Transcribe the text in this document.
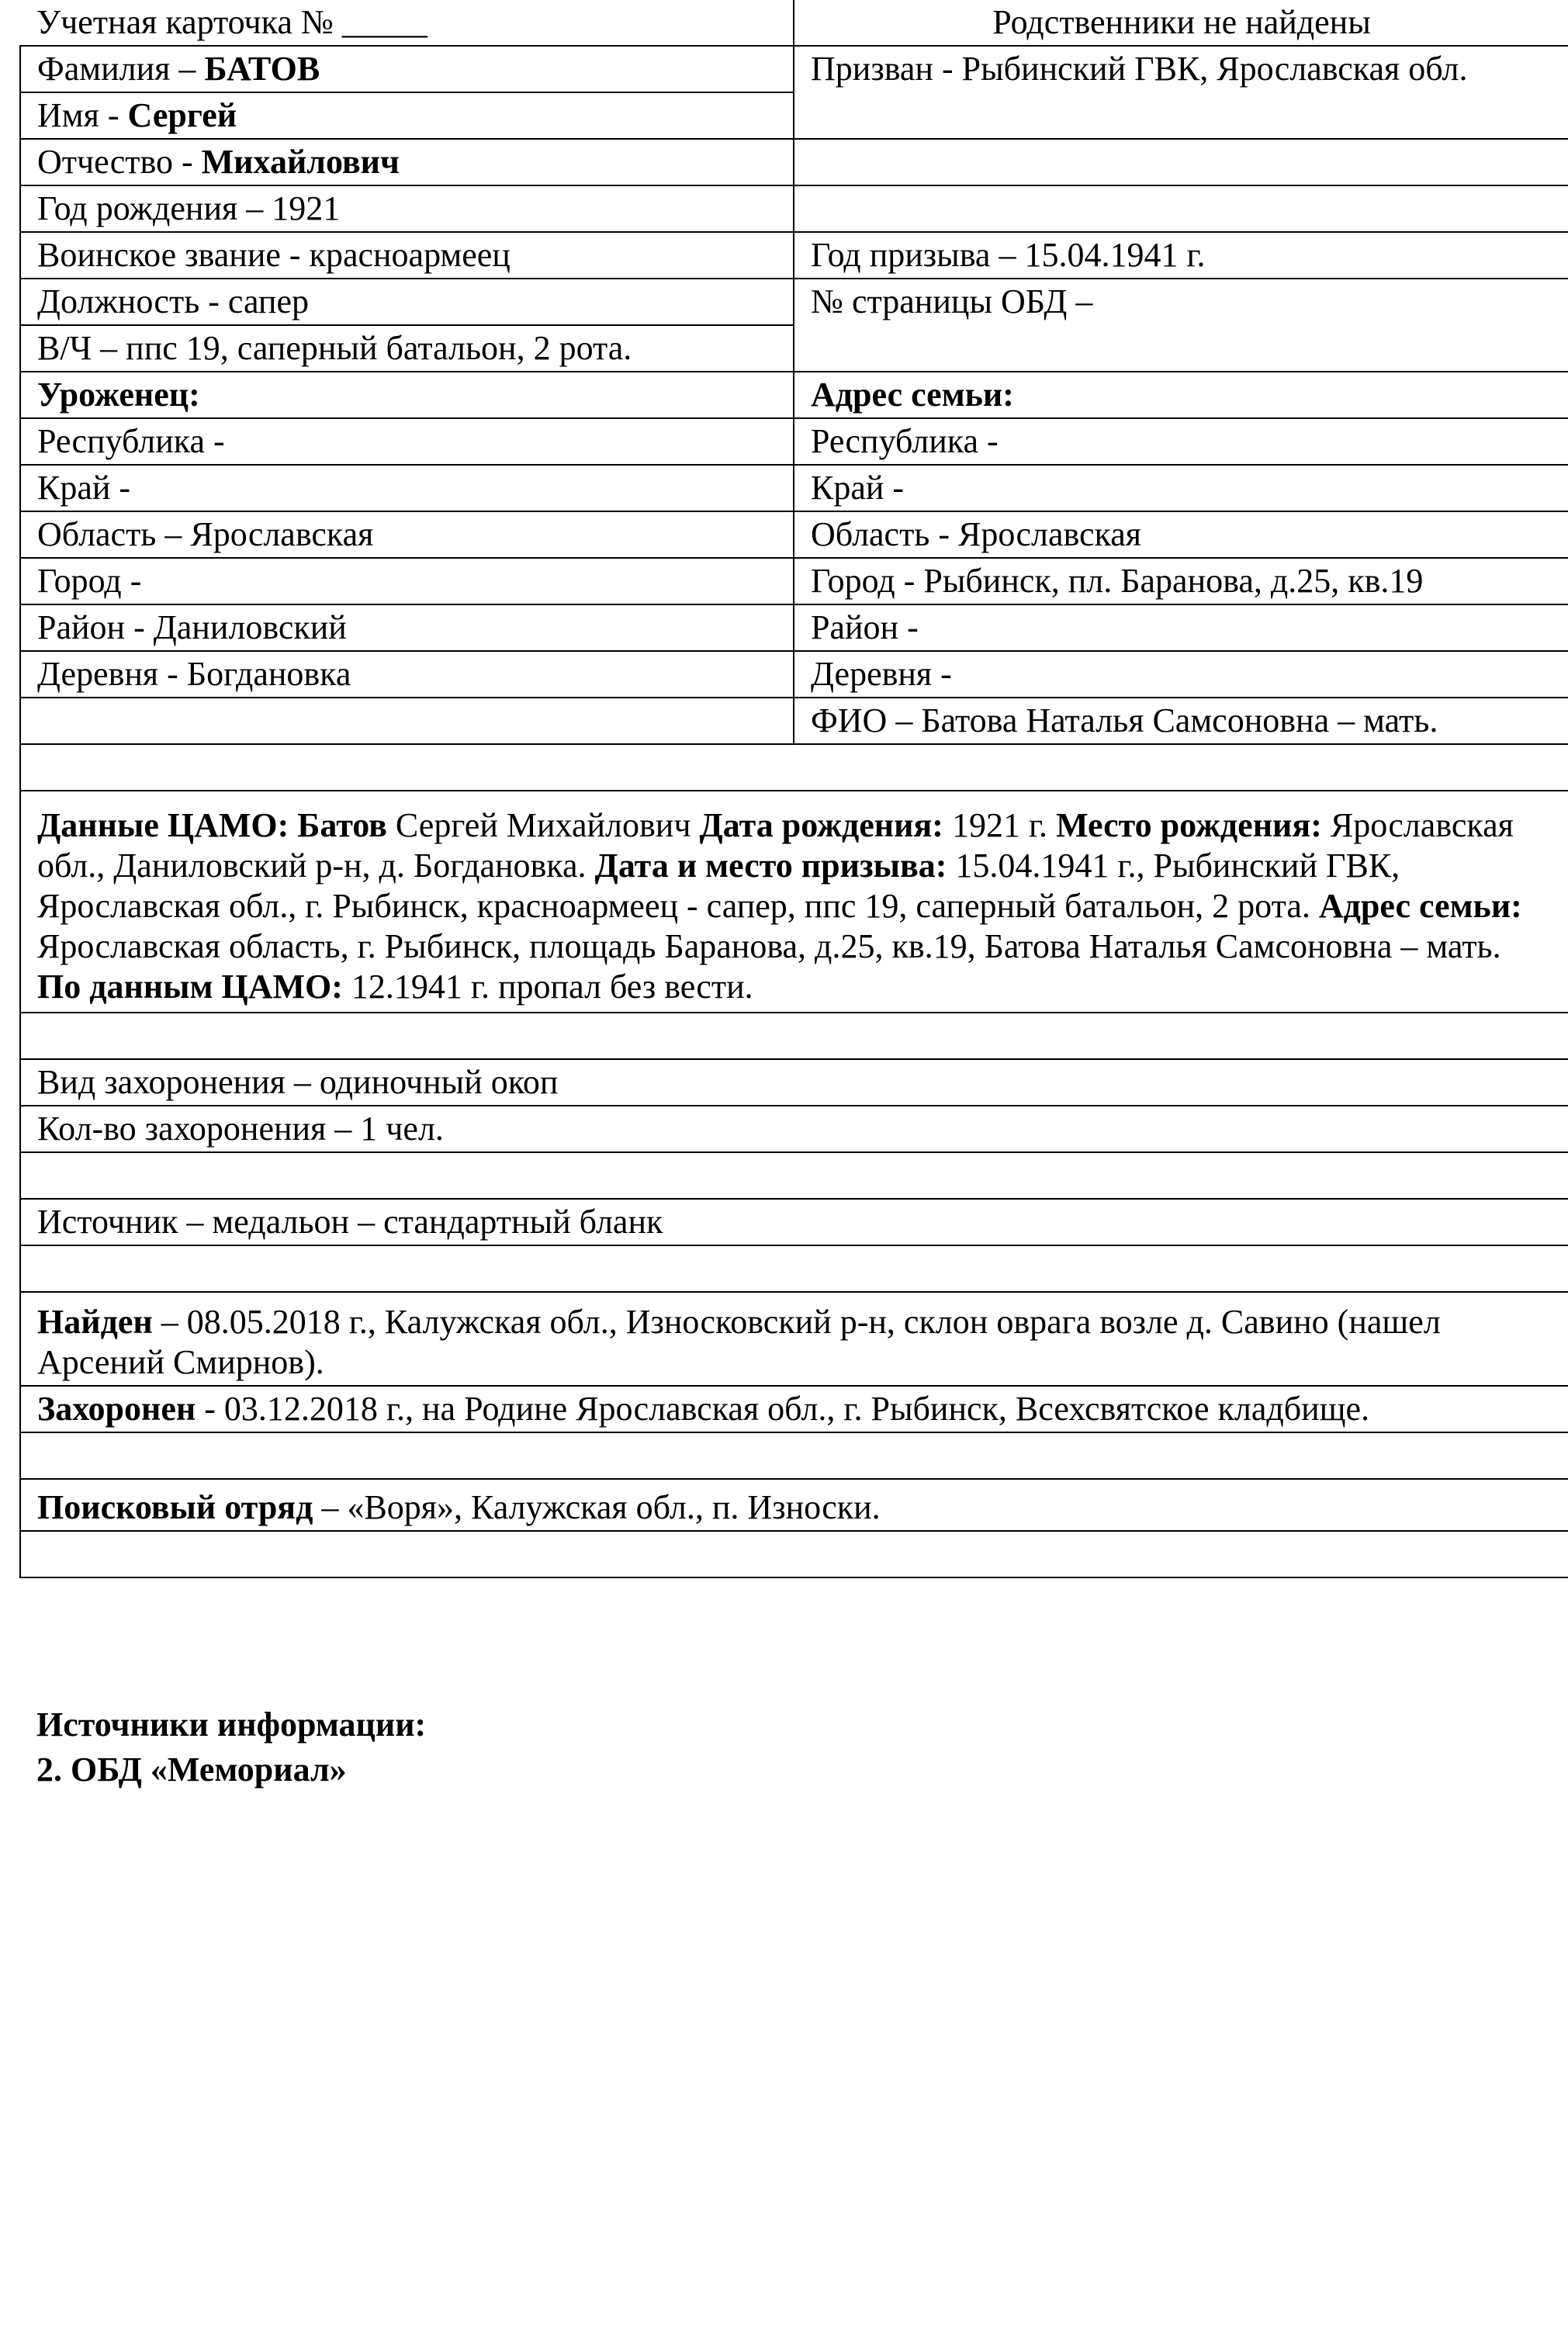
Учетная карточка № _____	Родственники не найдены
Фамилия – БАТОВ	Призван - Рыбинский ГВК, Ярославская обл.
Имя - Сергей	
Отчество - Михайлович	
Год рождения – 1921	
Воинское звание - красноармеец	Год призыва – 15.04.1941 г.
Должность - сапер	№ страницы ОБД –
В/Ч – ппс 19, саперный батальон, 2 рота.	
Уроженец:	Адрес семьи:
Республика -	Республика -
Край -	Край -
Область – Ярославская	Область - Ярославская
Город -	Город - Рыбинск, пл. Баранова, д.25, кв.19
Район - Даниловский	Район -
Деревня - Богдановка	Деревня -
	ФИО – Батова Наталья Самсоновна – мать.

Данные ЦАМО: Батов Сергей Михайлович Дата рождения: 1921 г. Место рождения: Ярославская обл., Даниловский р-н, д. Богдановка. Дата и место призыва: 15.04.1941 г., Рыбинский ГВК, Ярославская обл., г. Рыбинск, красноармеец - сапер, ппс 19, саперный батальон, 2 рота. Адрес семьи: Ярославская область, г. Рыбинск, площадь Баранова, д.25, кв.19, Батова Наталья Самсоновна – мать. По данным ЦАМО: 12.1941 г. пропал без вести.	

Вид захоронения – одиночный окоп	
Кол-во захоронения – 1 чел.	

Источник – медальон – стандартный бланк	

Найден – 08.05.2018 г., Калужская обл., Износковский р-н, склон оврага возле д. Савино (нашел Арсений Смирнов).	
Захоронен - 03.12.2018 г., на Родине Ярославская обл., г. Рыбинск, Всехсвятское кладбище.	

Поисковый отряд – «Воря», Калужская обл., п. Износки.	

Источники информации:
2. ОБД «Мемориал»
